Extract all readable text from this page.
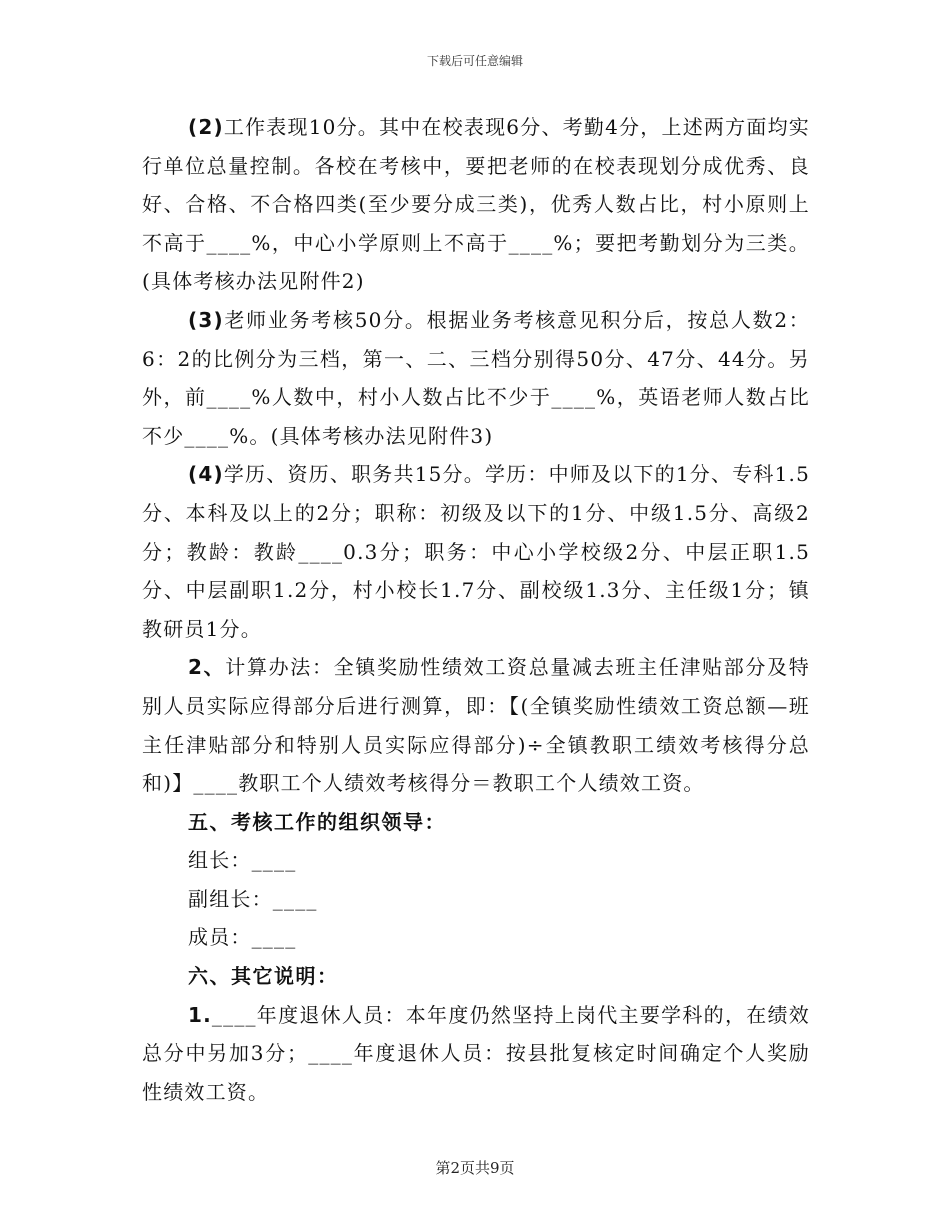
下载后可任意编辑

(2)工作表现10分。其中在校表现6分、考勤4分，上述两方面均实行单位总量控制。各校在考核中，要把老师的在校表现划分成优秀、良好、合格、不合格四类(至少要分成三类)，优秀人数占比，村小原则上不高于____%，中心小学原则上不高于____%；要把考勤划分为三类。(具体考核办法见附件2)

(3)老师业务考核50分。根据业务考核意见积分后，按总人数2：6：2的比例分为三档，第一、二、三档分别得50分、47分、44分。另外，前____%人数中，村小人数占比不少于____%，英语老师人数占比不少____%。(具体考核办法见附件3)

(4)学历、资历、职务共15分。学历：中师及以下的1分、专科1.5分、本科及以上的2分；职称：初级及以下的1分、中级1.5分、高级2分；教龄：教龄____0.3分；职务：中心小学校级2分、中层正职1.5分、中层副职1.2分，村小校长1.7分、副校级1.3分、主任级1分；镇教研员1分。

2、计算办法：全镇奖励性绩效工资总量减去班主任津贴部分及特别人员实际应得部分后进行测算，即：【(全镇奖励性绩效工资总额—班主任津贴部分和特别人员实际应得部分)÷全镇教职工绩效考核得分总和)】____教职工个人绩效考核得分＝教职工个人绩效工资。

五、考核工作的组织领导：

组长：____

副组长：____

成员：____

六、其它说明：

1.____年度退休人员：本年度仍然坚持上岗代主要学科的，在绩效总分中另加3分；____年度退休人员：按县批复核定时间确定个人奖励性绩效工资。

第2页共9页
